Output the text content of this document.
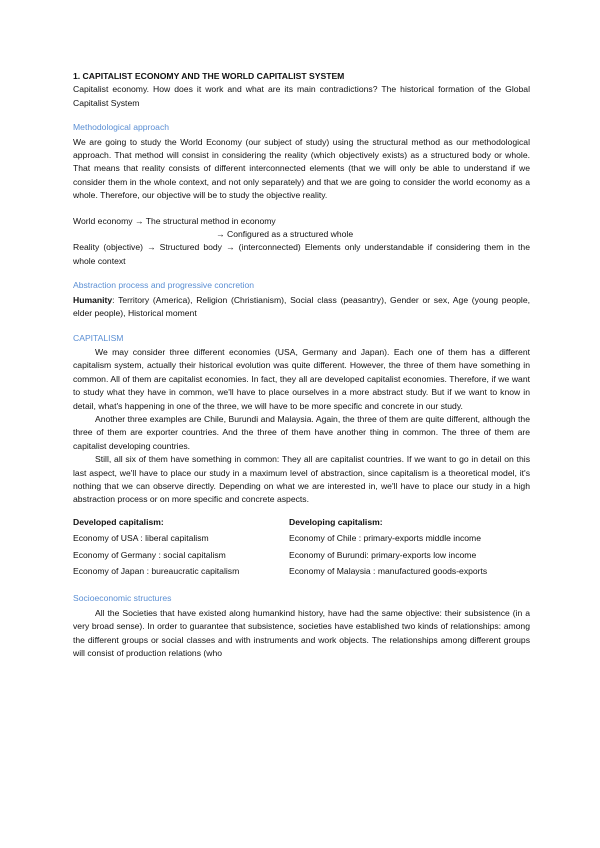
1. CAPITALIST ECONOMY AND THE WORLD CAPITALIST SYSTEM

Capitalist economy. How does it work and what are its main contradictions? The historical formation of the Global Capitalist System

Methodological approach

We are going to study the World Economy (our subject of study) using the structural method as our methodological approach. That method will consist in considering the reality (which objectively exists) as a structured body or whole. That means that reality consists of different interconnected elements (that we will only be able to understand if we consider them in the whole context, and not only separately) and that we are going to consider the world economy as a whole. Therefore, our objective will be to study the objective reality.

World economy → The structural method in economy

→ Configured as a structured whole

Reality (objective) → Structured body → (interconnected) Elements only understandable if considering them in the whole context

Abstraction process and progressive concretion

Humanity: Territory (America), Religion (Christianism), Social class (peasantry), Gender or sex, Age (young people, elder people), Historical moment

CAPITALISM

We may consider three different economies (USA, Germany and Japan). Each one of them has a different capitalism system, actually their historical evolution was quite different. However, the three of them have something in common. All of them are capitalist economies. In fact, they all are developed capitalist economies. Therefore, if we want to study what they have in common, we'll have to place ourselves in a more abstract study. But if we want to know in detail, what's happening in one of the three, we will have to be more specific and concrete in our study.

Another three examples are Chile, Burundi and Malaysia. Again, the three of them are quite different, although the three of them are exporter countries. And the three of them have another thing in common. The three of them are capitalist developing countries.

Still, all six of them have something in common: They all are capitalist countries. If we want to go in detail on this last aspect, we'll have to place our study in a maximum level of abstraction, since capitalism is a theoretical model, it's nothing that we can observe directly. Depending on what we are interested in, we'll have to place our study in a high abstraction process or on more specific and concrete aspects.

Developed capitalism:
Economy of USA : liberal capitalism
Economy of Germany : social capitalism
Economy of Japan : bureaucratic capitalism
Developing capitalism:
Economy of Chile : primary-exports middle income
Economy of Burundi: primary-exports low income
Economy of Malaysia : manufactured goods-exports

Socioeconomic structures

All the Societies that have existed along humankind history, have had the same objective: their subsistence (in a very broad sense). In order to guarantee that subsistence, societies have established two kinds of relationships: among the different groups or social classes and with instruments and work objects. The relationships among different groups will consist of production relations (who
